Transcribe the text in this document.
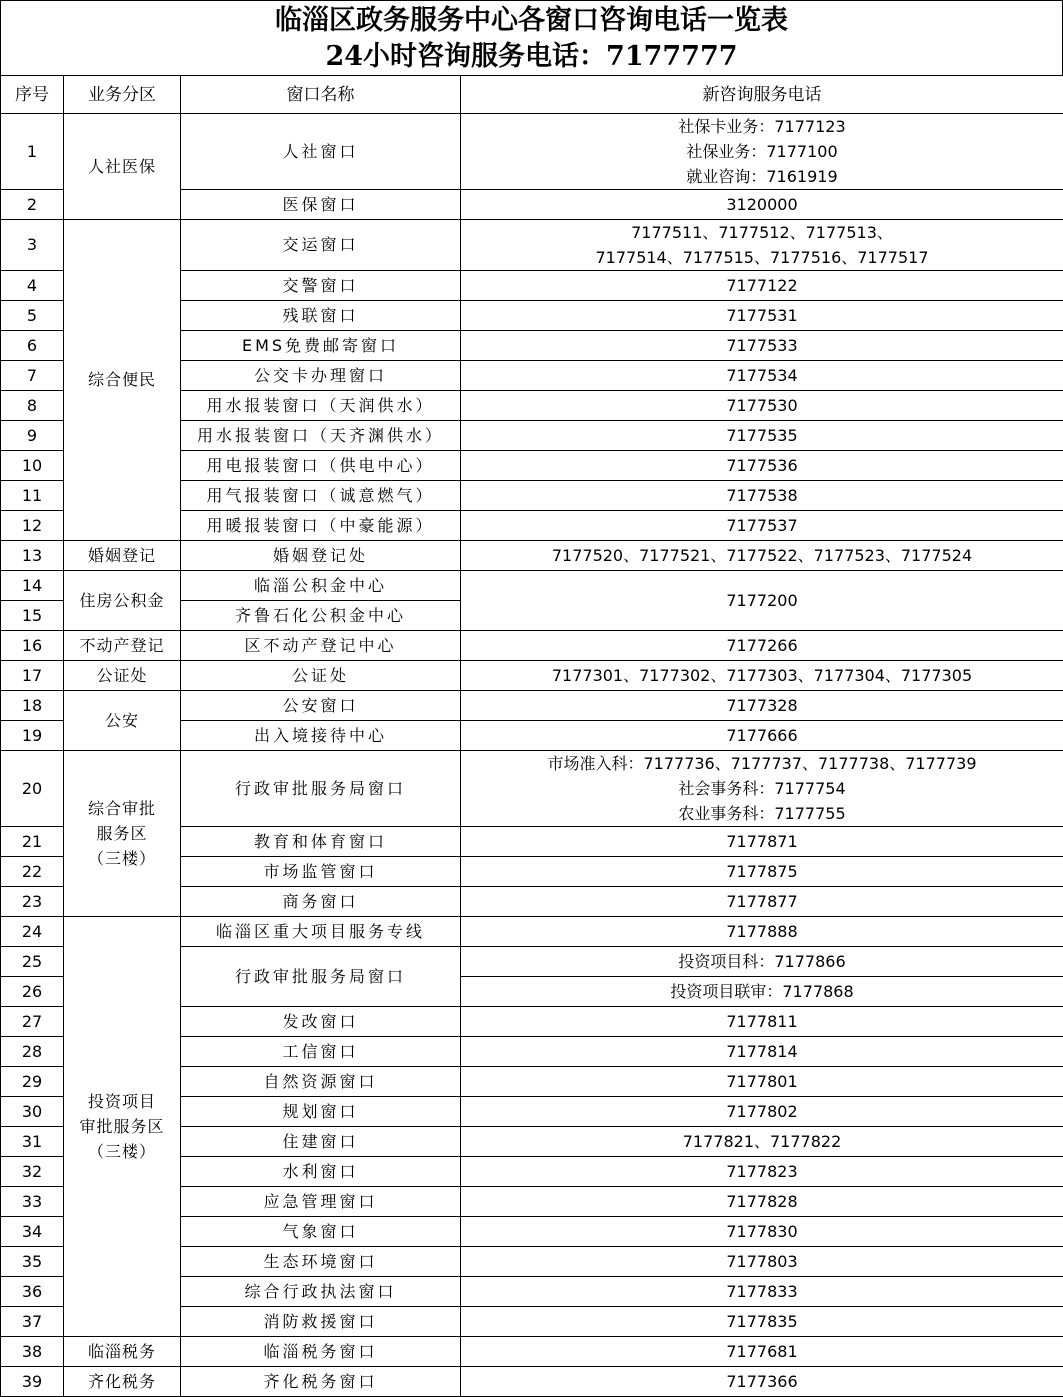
临淄区政务服务中心各窗口咨询电话一览表
24小时咨询服务电话：7177777
序号	业务分区	窗口名称	新咨询服务电话
1	人社医保	人社窗口	社保卡业务：7177123
社保业务：7177100
就业咨询：7161919

2		医保窗口	3120000
3	综合便民	交运窗口	7177511、7177512、7177513、
7177514、7177515、7177516、7177517

4		交警窗口	7177122
5		残联窗口	7177531
6		EMS免费邮寄窗口	7177533
7		公交卡办理窗口	7177534
8		用水报装窗口（天润供水）	7177530
9		用水报装窗口（天齐渊供水）	7177535
10		用电报装窗口（供电中心）	7177536
11		用气报装窗口（诚意燃气）	7177538
12		用暖报装窗口（中豪能源）	7177537
13	婚姻登记	婚姻登记处	7177520、7177521、7177522、7177523、7177524
14	住房公积金	临淄公积金中心	7177200
15		齐鲁石化公积金中心	
16	不动产登记	区不动产登记中心	7177266
17	公证处	公证处	7177301、7177302、7177303、7177304、7177305
18	公安	公安窗口	7177328
19		出入境接待中心	7177666
20	综合审批
服务区
（三楼）	行政审批服务局窗口	市场准入科：7177736、7177737、7177738、7177739
社会事务科：7177754
农业事务科：7177755

21		教育和体育窗口	7177871
22		市场监管窗口	7177875
23		商务窗口	7177877
24	投资项目
审批服务区
（三楼）	临淄区重大项目服务专线	7177888
25		行政审批服务局窗口	投资项目科：7177866
26			投资项目联审：7177868
27		发改窗口	7177811
28		工信窗口	7177814
29		自然资源窗口	7177801
30		规划窗口	7177802
31		住建窗口	7177821、7177822
32		水利窗口	7177823
33		应急管理窗口	7177828
34		气象窗口	7177830
35		生态环境窗口	7177803
36		综合行政执法窗口	7177833
37		消防救援窗口	7177835
38	临淄税务	临淄税务窗口	7177681
39	齐化税务	齐化税务窗口	7177366
